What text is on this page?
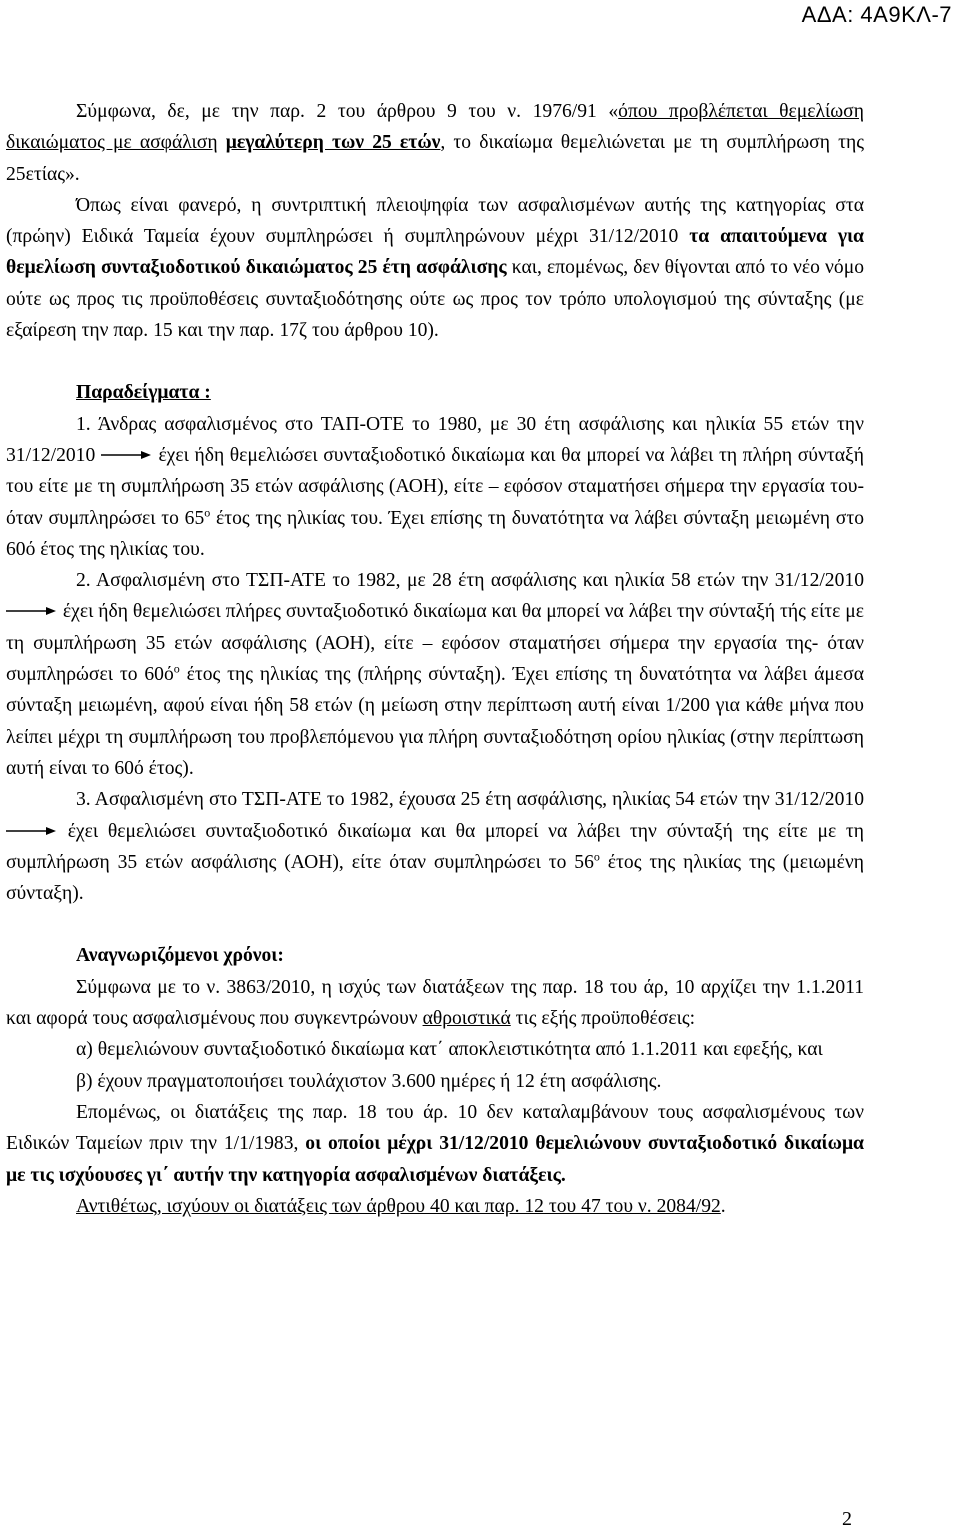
ΑΔΑ: 4Α9ΚΛ-7

Σύμφωνα, δε, με την παρ. 2 του άρθρου 9 του ν. 1976/91 «όπου προβλέπεται θεμελίωση δικαιώματος με ασφάλιση μεγαλύτερη των 25 ετών, το δικαίωμα θεμελιώνεται με τη συμπλήρωση της 25ετίας».

Όπως είναι φανερό, η συντριπτική πλειοψηφία των ασφαλισμένων αυτής της κατηγορίας στα (πρώην) Ειδικά Ταμεία έχουν συμπληρώσει ή συμπληρώνουν μέχρι 31/12/2010 τα απαιτούμενα για θεμελίωση συνταξιοδοτικού δικαιώματος 25 έτη ασφάλισης και, επομένως, δεν θίγονται από το νέο νόμο ούτε ως προς τις προϋποθέσεις συνταξιοδότησης ούτε ως προς τον τρόπο υπολογισμού της σύνταξης (με εξαίρεση την παρ. 15 και την παρ. 17ζ του άρθρου 10).

Παραδείγματα :

1. Άνδρας ασφαλισμένος στο ΤΑΠ-ΟΤΕ το 1980, με 30 έτη ασφάλισης και ηλικία 55 ετών την 31/12/2010	έχει ήδη θεμελιώσει συνταξιοδοτικό δικαίωμα και θα μπορεί να λάβει τη πλήρη σύνταξή του είτε με τη συμπλήρωση 35 ετών ασφάλισης (ΑΟΗ), είτε – εφόσον σταματήσει σήμερα την εργασία του- όταν συμπληρώσει το $65^o$ έτος της ηλικίας του. Έχει επίσης τη δυνατότητα να λάβει σύνταξη μειωμένη στο 60ό έτος της ηλικίας του.

2. Ασφαλισμένη στο ΤΣΠ-ΑΤΕ το 1982, με 28 έτη ασφάλισης και ηλικία 58 ετών την 31/12/2010
έχει ήδη θεμελιώσει πλήρες συνταξιοδοτικό δικαίωμα και θα μπορεί να λάβει την σύνταξή τής είτε με τη συμπλήρωση 35 ετών ασφάλισης (ΑΟΗ), είτε – εφόσον σταματήσει σήμερα την εργασία της- όταν συμπληρώσει το $60ό^o$ έτος της ηλικίας της (πλήρης σύνταξη). Έχει επίσης τη δυνατότητα να λάβει άμεσα σύνταξη μειωμένη, αφού είναι ήδη 58 ετών (η μείωση στην περίπτωση αυτή είναι 1/200 για κάθε μήνα που λείπει μέχρι τη συμπλήρωση του προβλεπόμενου για πλήρη συνταξιοδότηση ορίου ηλικίας (στην περίπτωση αυτή είναι το 60ό έτος).

3. Ασφαλισμένη στο ΤΣΠ-ΑΤΕ το 1982, έχουσα 25 έτη ασφάλισης, ηλικίας 54 ετών την 31/12/2010
έχει θεμελιώσει συνταξιοδοτικό δικαίωμα και θα μπορεί να λάβει την σύνταξή της είτε με τη συμπλήρωση 35 ετών ασφάλισης (ΑΟΗ), είτε όταν συμπληρώσει το $56^o$ έτος της ηλικίας της (μειωμένη σύνταξη).

Αναγνωριζόμενοι χρόνοι:

Σύμφωνα με το ν. 3863/2010, η ισχύς των διατάξεων της παρ. 18 του άρ, 10 αρχίζει την 1.1.2011 και αφορά τους ασφαλισμένους που συγκεντρώνουν αθροιστικά τις εξής προϋποθέσεις:

α) θεμελιώνουν συνταξιοδοτικό δικαίωμα κατ΄ αποκλειστικότητα από 1.1.2011 και εφεξής, και

β) έχουν πραγματοποιήσει τουλάχιστον 3.600 ημέρες ή 12 έτη ασφάλισης.

Επομένως, οι διατάξεις της παρ. 18 του άρ. 10 δεν καταλαμβάνουν τους ασφαλισμένους των Ειδικών Ταμείων πριν την 1/1/1983, οι οποίοι μέχρι 31/12/2010 θεμελιώνουν συνταξιοδοτικό δικαίωμα με τις ισχύουσες γι΄ αυτήν την κατηγορία ασφαλισμένων διατάξεις.

Αντιθέτως, ισχύουν οι διατάξεις των άρθρου 40 και παρ. 12 του 47 του ν. 2084/92.

2
